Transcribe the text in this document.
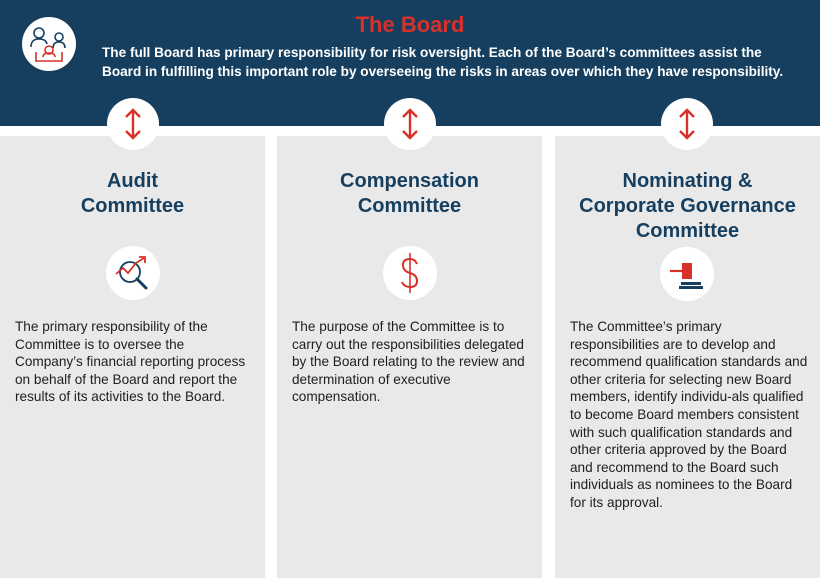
The Board
The full Board has primary responsibility for risk oversight. Each of the Board’s committees assist the Board in fulfilling this important role by overseeing the risks in areas over which they have responsibility.
Audit
Committee
The primary responsibility of the Committee is to oversee the Company’s financial reporting process on behalf of the Board and report the results of its activities to the Board.
Compensation
Committee
The purpose of the Committee is to carry out the responsibilities delegated by the Board relating to the review and determination of executive compensation.
Nominating &
Corporate Governance
Committee
The Committee’s primary responsibilities are to develop and recommend qualification standards and other criteria for selecting new Board members, identify individu-als qualified to become Board members consistent with such qualification standards and other criteria approved by the Board and recommend to the Board such individuals as nominees to the Board for its approval.
